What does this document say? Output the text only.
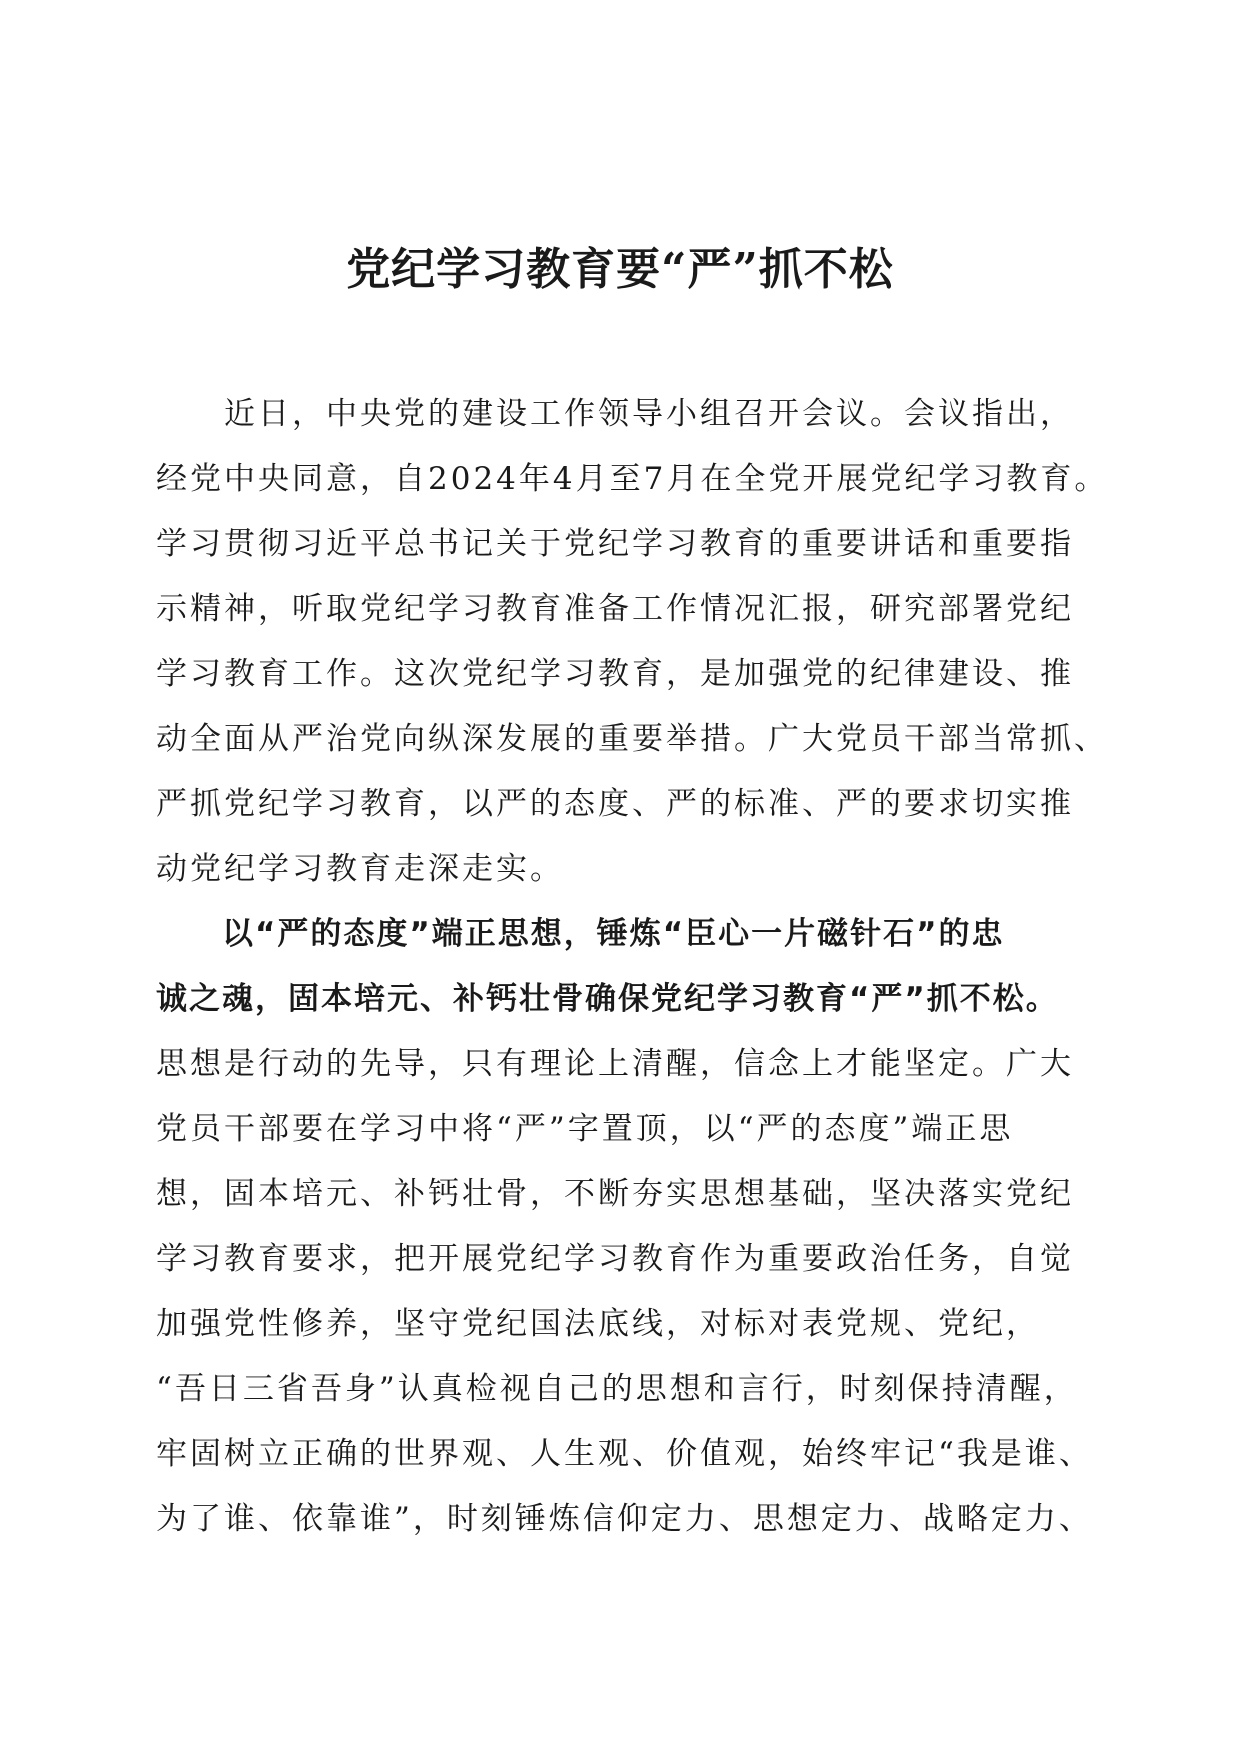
党纪学习教育要“严”抓不松
　　近日，中央党的建设工作领导小组召开会议。会议指出，
经党中央同意，自2024年4月至7月在全党开展党纪学习教育。
学习贯彻习近平总书记关于党纪学习教育的重要讲话和重要指
示精神，听取党纪学习教育准备工作情况汇报，研究部署党纪
学习教育工作。这次党纪学习教育，是加强党的纪律建设、推
动全面从严治党向纵深发展的重要举措。广大党员干部当常抓、
严抓党纪学习教育，以严的态度、严的标准、严的要求切实推
动党纪学习教育走深走实。
　　以“严的态度”端正思想，锤炼“臣心一片磁针石”的忠
诚之魂，固本培元、补钙壮骨确保党纪学习教育“严”抓不松。
思想是行动的先导，只有理论上清醒，信念上才能坚定。广大
党员干部要在学习中将“严”字置顶，以“严的态度”端正思
想，固本培元、补钙壮骨，不断夯实思想基础，坚决落实党纪
学习教育要求，把开展党纪学习教育作为重要政治任务，自觉
加强党性修养，坚守党纪国法底线，对标对表党规、党纪，
“吾日三省吾身”认真检视自己的思想和言行，时刻保持清醒，
牢固树立正确的世界观、人生观、价值观，始终牢记“我是谁、
为了谁、依靠谁”，时刻锤炼信仰定力、思想定力、战略定力、
